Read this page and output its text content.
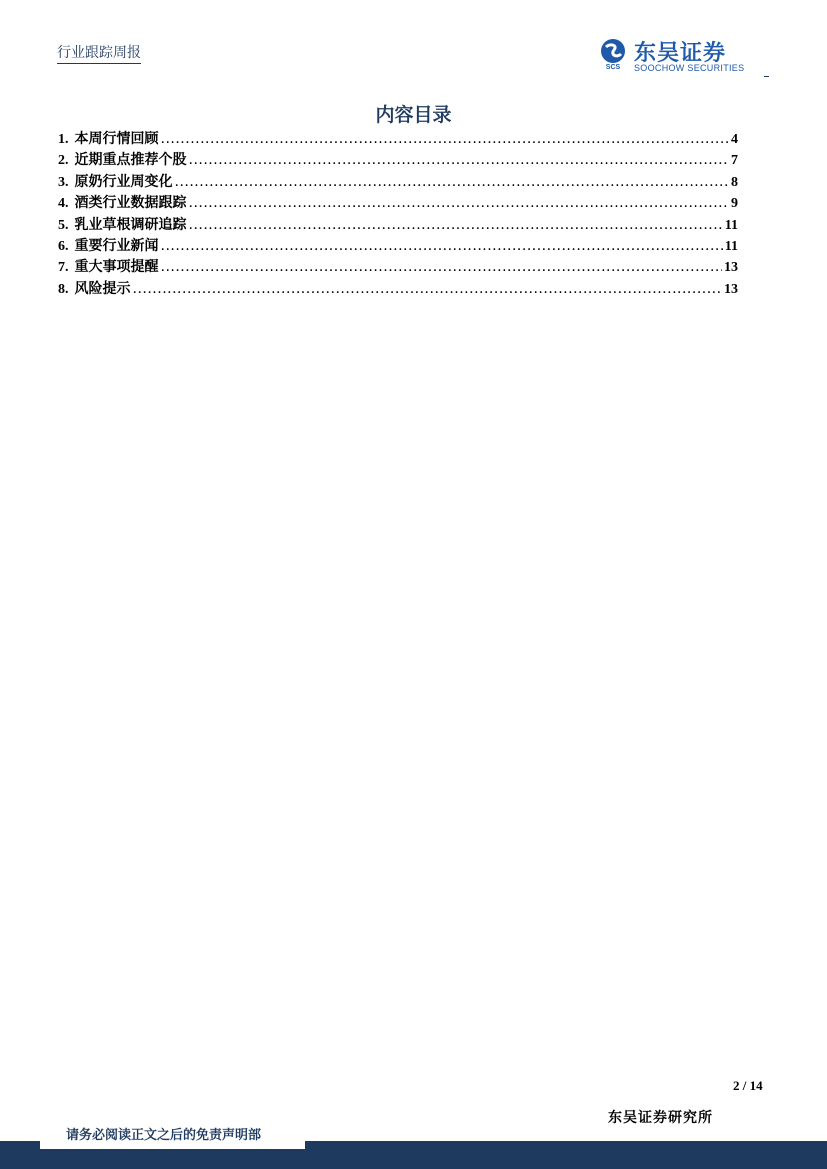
行业跟踪周报
SCS
东吴证券
SOOCHOW SECURITIES
内容目录
1. 本周行情回顾 .....	4
2. 近期重点推荐个股 .....	7
3. 原奶行业周变化 .....	8
4. 酒类行业数据跟踪 .....	9
5. 乳业草根调研追踪 .....	11
6. 重要行业新闻 .....	11
7. 重大事项提醒 .....	13
8. 风险提示 .....	13
2 / 14
东吴证券研究所
请务必阅读正文之后的免责声明部
